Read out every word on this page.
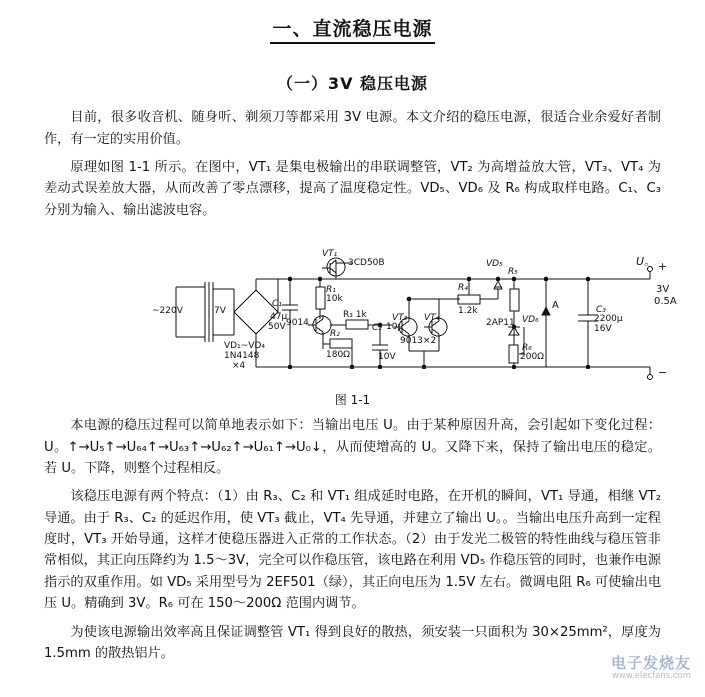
一、直流稳压电源
（一）3V 稳压电源

目前，很多收音机、随身听、剃须刀等都采用 3V 电源。本文介绍的稳压电源，很适合业余爱好者制作，有一定的实用价值。

原理如图 1-1 所示。在图中，VT₁ 是集电极输出的串联调整管，VT₂ 为高增益放大管，VT₃、VT₄ 为差动式误差放大器，从而改善了零点漂移，提高了温度稳定性。VD₅、VD₆ 及 R₆ 构成取样电路。C₁、C₃ 分别为输入、输出滤波电容。

~220V	7V
VD₁~VD₄
1N4148
×4
C₁
47μ
50V 9014
R₁
10k
VT₁
3CD50B
R₃ 1k
R₂
180Ω
C₂ 10μ
10V
VT₃ VT₄
9013×2
R₄
1.2k
VD₅
R₅
2AP11 VD₆
R₆
200Ω
C₃
2200μ
16V
U。
3V
0.5A
A
+
−
图 1-1

本电源的稳压过程可以简单地表示如下：当输出电压 U。由于某种原因升高，会引起如下变化过程：U。↑→U₅↑→U₆₄↑→U₆₃↑→U₆₂↑→U₆₁↑→U₀↓，从而使增高的 U。又降下来，保持了输出电压的稳定。若 U。下降，则整个过程相反。

该稳压电源有两个特点：（1）由 R₃、C₂ 和 VT₁ 组成延时电路，在开机的瞬间，VT₁ 导通，相继 VT₂ 导通。由于 R₃、C₂ 的延迟作用，使 VT₃ 截止，VT₄ 先导通，并建立了输出 U。。当输出电压升高到一定程度时，VT₃ 开始导通，这样才使稳压器进入正常的工作状态。（2）由于发光二极管的特性曲线与稳压管非常相似，其正向压降约为 1.5～3V，完全可以作稳压管，该电路在利用 VD₅ 作稳压管的同时，也兼作电源指示的双重作用。如 VD₅ 采用型号为 2EF501（绿），其正向电压为 1.5V 左右。微调电阻 R₆ 可使输出电压 U。精确到 3V。R₆ 可在 150～200Ω 范围内调节。

为使该电源输出效率高且保证调整管 VT₁ 得到良好的散热，须安装一只面积为 30×25mm²，厚度为 1.5mm 的散热铝片。

电子发烧友
www.elecfans.com
